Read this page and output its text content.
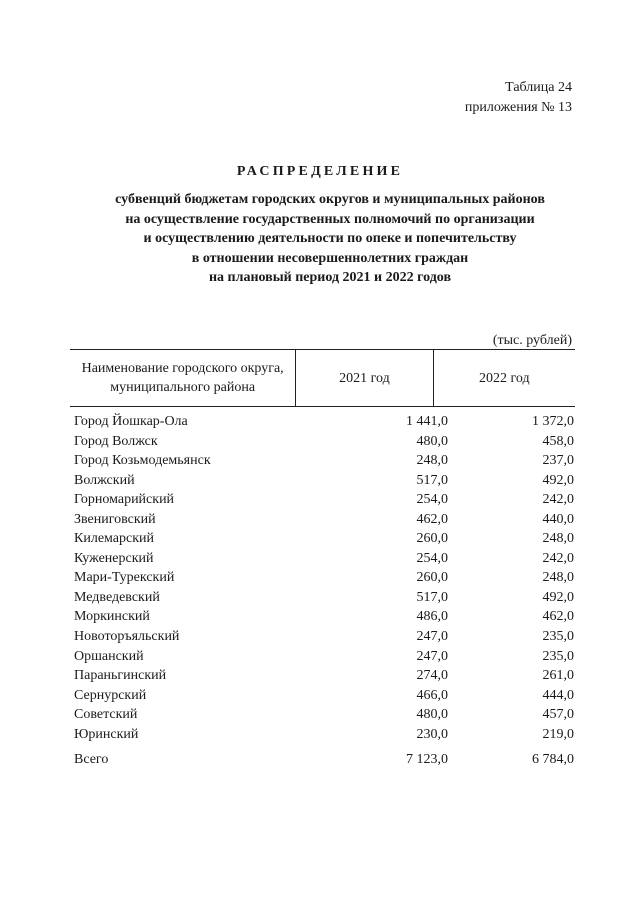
Таблица 24
приложения № 13
РАСПРЕДЕЛЕНИЕ
субвенций бюджетам городских округов и муниципальных районов
на осуществление государственных полномочий по организации
и осуществлению деятельности по опеке и попечительству
в отношении несовершеннолетних граждан
на плановый период 2021 и 2022 годов
(тыс. рублей)
Наименование городского округа, муниципального района	2021 год	2022 год
Город Йошкар-Ола	1 441,0	1 372,0
Город Волжск	480,0	458,0
Город Козьмодемьянск	248,0	237,0
Волжский	517,0	492,0
Горномарийский	254,0	242,0
Звениговский	462,0	440,0
Килемарский	260,0	248,0
Куженерский	254,0	242,0
Мари-Турекский	260,0	248,0
Медведевский	517,0	492,0
Моркинский	486,0	462,0
Новоторъяльский	247,0	235,0
Оршанский	247,0	235,0
Параньгинский	274,0	261,0
Сернурский	466,0	444,0
Советский	480,0	457,0
Юринский	230,0	219,0
Всего	7 123,0	6 784,0
